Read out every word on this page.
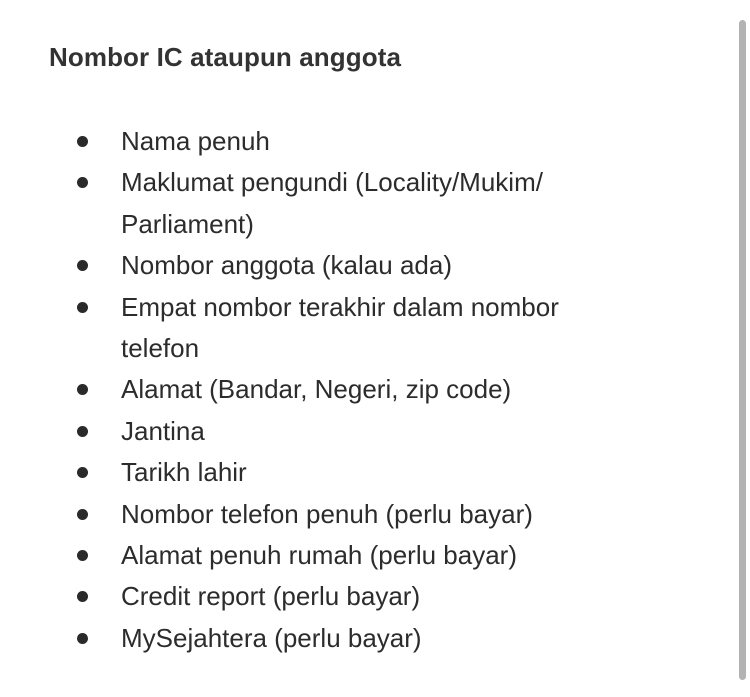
Nombor IC ataupun anggota
Nama penuh
Maklumat pengundi (Locality/Mukim/ Parliament)
Nombor anggota (kalau ada)
Empat nombor terakhir dalam nombor telefon
Alamat (Bandar, Negeri, zip code)
Jantina
Tarikh lahir
Nombor telefon penuh (perlu bayar)
Alamat penuh rumah (perlu bayar)
Credit report (perlu bayar)
MySejahtera (perlu bayar)
